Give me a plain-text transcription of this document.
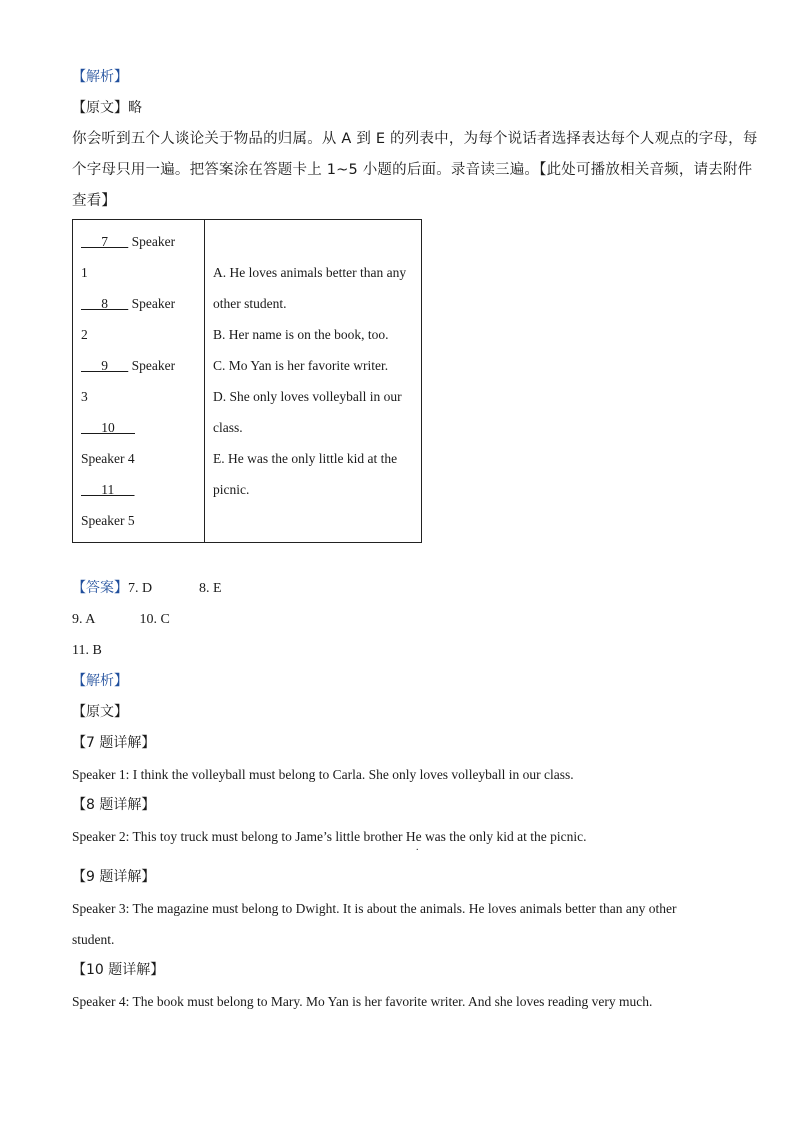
【解析】
【原文】略
你会听到五个人谈论关于物品的归属。从 A 到 E 的列表中，为每个说话者选择表达每个人观点的字母，每
个字母只用一遍。把答案涂在答题卡上 1~5 小题的后面。录音读三遍。【此处可播放相关音频，请去附件
查看】
7       Speaker
1
8       Speaker
2
9       Speaker
3
10
Speaker 4
11
Speaker 5

A. He loves animals better than any
other student.
B. Her name is on the book, too.
C. Mo Yan is her favorite writer.
D. She only loves volleyball in our
class.
E. He was the only little kid at the
picnic.
【答案】7. D	8. E
9. A	10. C
11. B
【解析】
【原文】
【7 题详解】
Speaker 1: I think the volleyball must belong to Carla. She only loves volleyball in our class.
【8 题详解】
Speaker 2: This toy truck must belong to Jame’s little brother He was the only kid at the picnic.
.
【9 题详解】
Speaker 3: The magazine must belong to Dwight. It is about the animals. He loves animals better than any other
student.
【10 题详解】
Speaker 4: The book must belong to Mary. Mo Yan is her favorite writer. And she loves reading very much.
